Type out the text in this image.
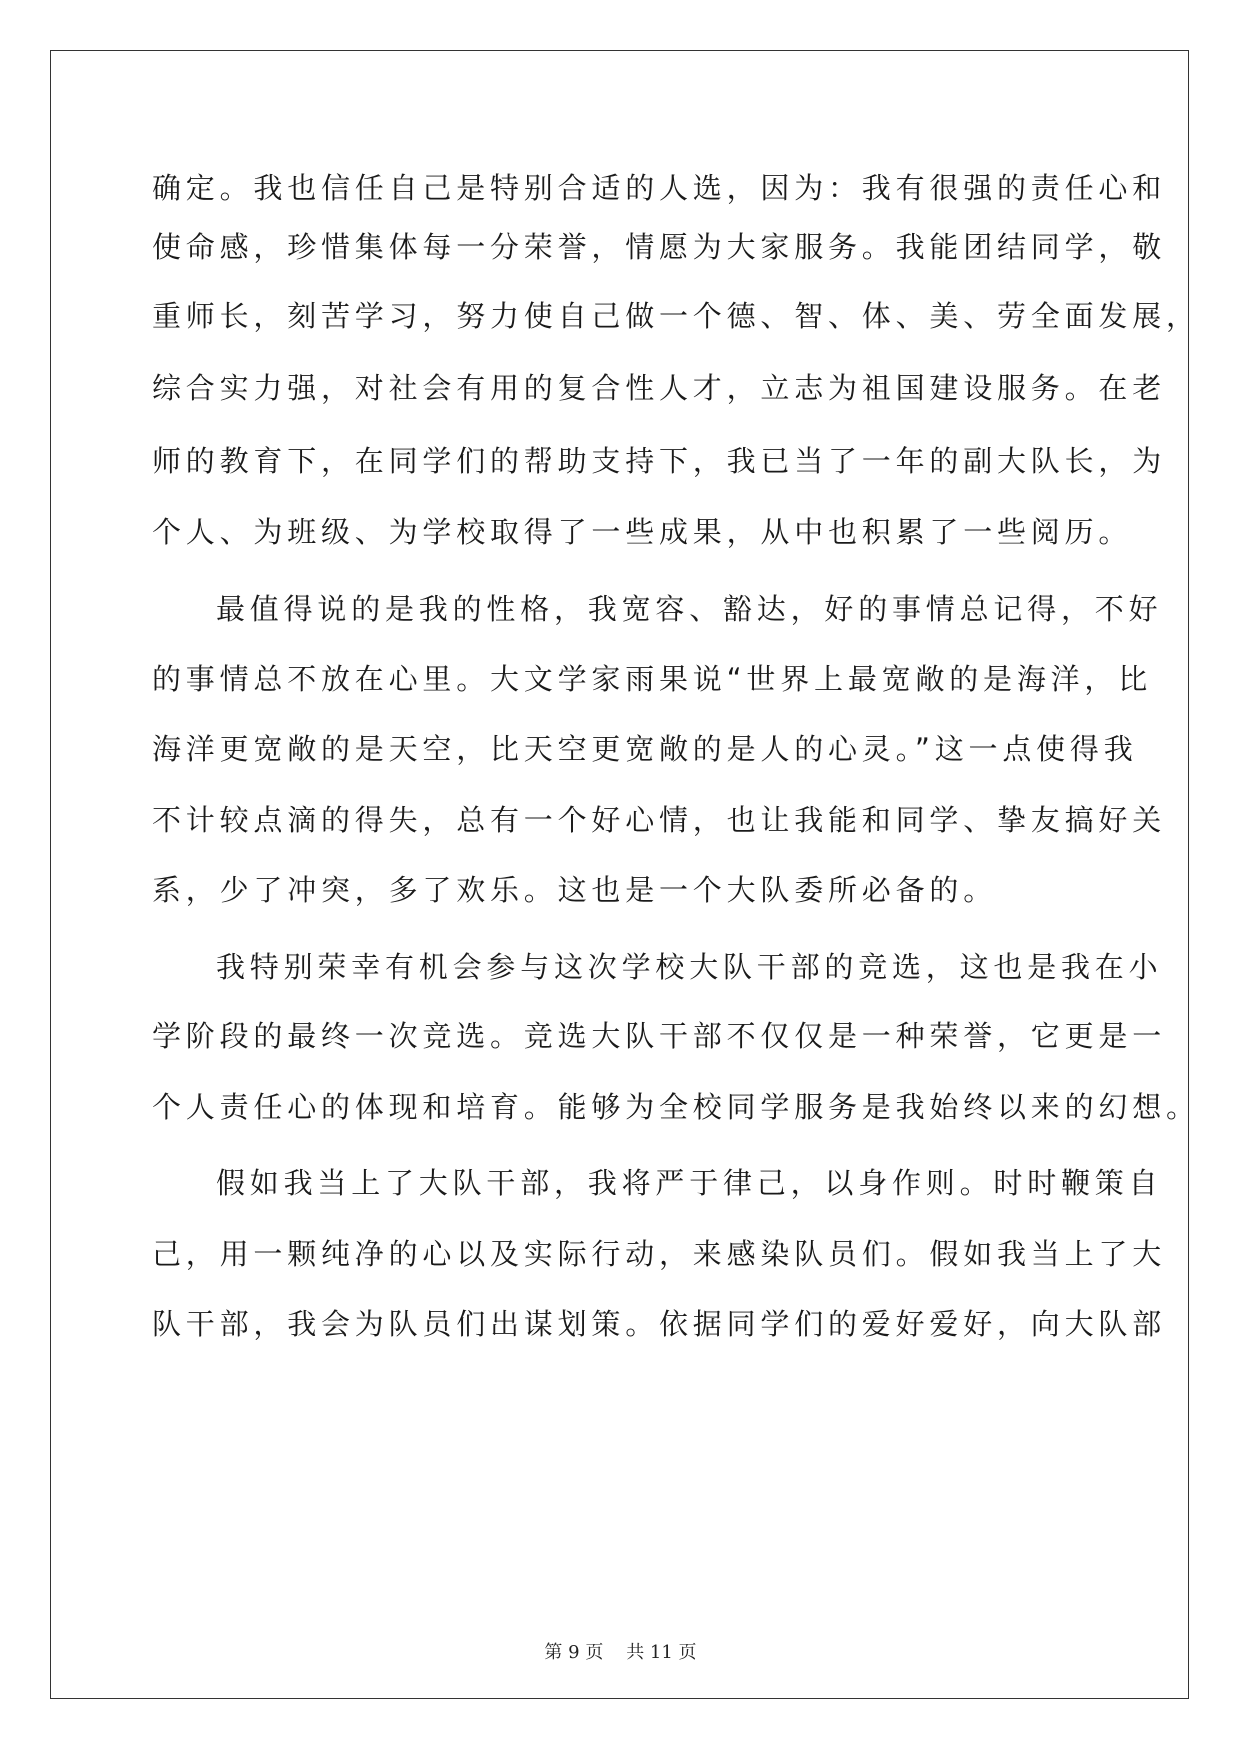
确定。我也信任自己是特别合适的人选，因为：我有很强的责任心和
使命感，珍惜集体每一分荣誉，情愿为大家服务。我能团结同学，敬
重师长，刻苦学习，努力使自己做一个德、智、体、美、劳全面发展，
综合实力强，对社会有用的复合性人才，立志为祖国建设服务。在老
师的教育下，在同学们的帮助支持下，我已当了一年的副大队长，为
个人、为班级、为学校取得了一些成果，从中也积累了一些阅历。
最值得说的是我的性格，我宽容、豁达，好的事情总记得，不好
的事情总不放在心里。大文学家雨果说“世界上最宽敞的是海洋，比
海洋更宽敞的是天空，比天空更宽敞的是人的心灵。”这一点使得我
不计较点滴的得失，总有一个好心情，也让我能和同学、挚友搞好关
系，少了冲突，多了欢乐。这也是一个大队委所必备的。
我特别荣幸有机会参与这次学校大队干部的竞选，这也是我在小
学阶段的最终一次竞选。竞选大队干部不仅仅是一种荣誉，它更是一
个人责任心的体现和培育。能够为全校同学服务是我始终以来的幻想。
假如我当上了大队干部，我将严于律己，以身作则。时时鞭策自
己，用一颗纯净的心以及实际行动，来感染队员们。假如我当上了大
队干部，我会为队员们出谋划策。依据同学们的爱好爱好，向大队部
第 9 页    共 11 页
